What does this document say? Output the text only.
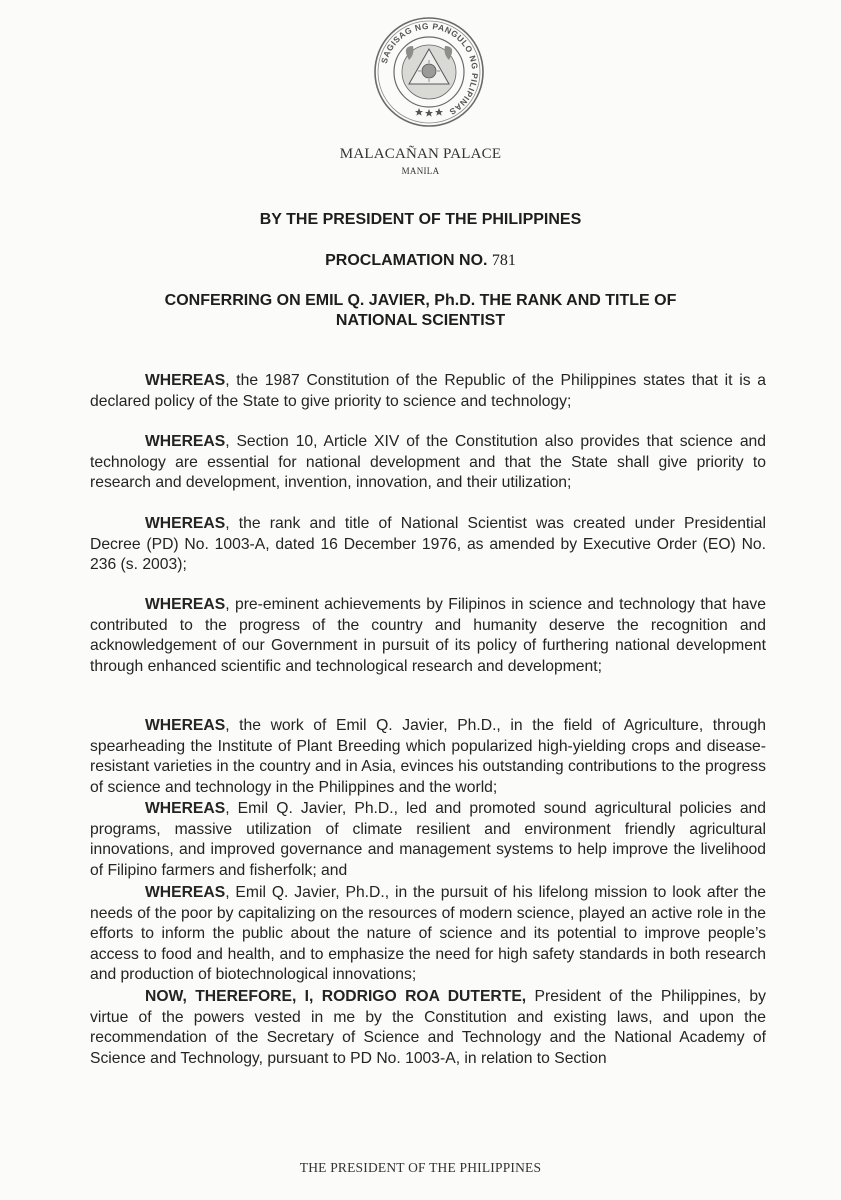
SAGISAG NG PANGULO NG PILIPINAS
MALACAÑAN PALACE
MANILA
BY THE PRESIDENT OF THE PHILIPPINES
PROCLAMATION NO. 781
CONFERRING ON EMIL Q. JAVIER, Ph.D. THE RANK AND TITLE OF
NATIONAL SCIENTIST

WHEREAS, the 1987 Constitution of the Republic of the Philippines states that it is a declared policy of the State to give priority to science and technology;

WHEREAS, Section 10, Article XIV of the Constitution also provides that science and technology are essential for national development and that the State shall give priority to research and development, invention, innovation, and their utilization;

WHEREAS, the rank and title of National Scientist was created under Presidential Decree (PD) No. 1003-A, dated 16 December 1976, as amended by Executive Order (EO) No. 236 (s. 2003);

WHEREAS, pre-eminent achievements by Filipinos in science and technology that have contributed to the progress of the country and humanity deserve the recognition and acknowledgement of our Government in pursuit of its policy of furthering national development through enhanced scientific and technological research and development;

WHEREAS, the work of Emil Q. Javier, Ph.D., in the field of Agriculture, through spearheading the Institute of Plant Breeding which popularized high-yielding crops and disease-resistant varieties in the country and in Asia, evinces his outstanding contributions to the progress of science and technology in the Philippines and the world;

WHEREAS, Emil Q. Javier, Ph.D., led and promoted sound agricultural policies and programs, massive utilization of climate resilient and environment friendly agricultural innovations, and improved governance and management systems to help improve the livelihood of Filipino farmers and fisherfolk; and

WHEREAS, Emil Q. Javier, Ph.D., in the pursuit of his lifelong mission to look after the needs of the poor by capitalizing on the resources of modern science, played an active role in the efforts to inform the public about the nature of science and its potential to improve people’s access to food and health, and to emphasize the need for high safety standards in both research and production of biotechnological innovations;

NOW, THEREFORE, I, RODRIGO ROA DUTERTE, President of the Philippines, by virtue of the powers vested in me by the Constitution and existing laws, and upon the recommendation of the Secretary of Science and Technology and the National Academy of Science and Technology, pursuant to PD No. 1003-A, in relation to Section

THE PRESIDENT OF THE PHILIPPINES
